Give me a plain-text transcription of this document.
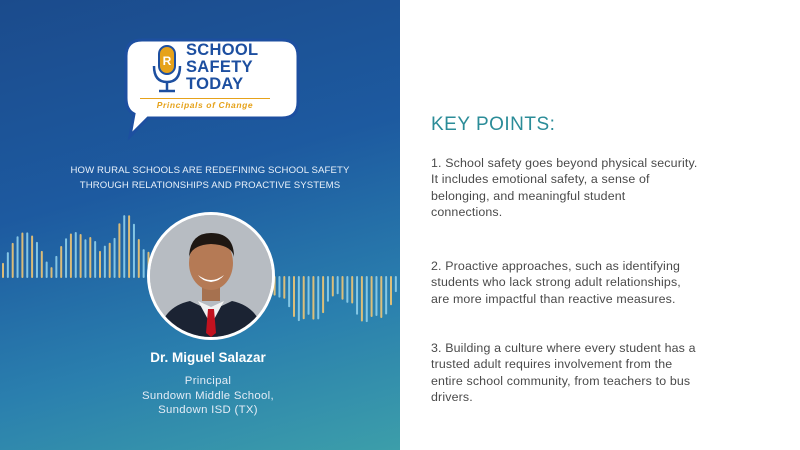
R
SCHOOL
SAFETY
TODAY
Principals of Change
HOW RURAL SCHOOLS ARE REDEFINING SCHOOL SAFETY
THROUGH RELATIONSHIPS AND PROACTIVE SYSTEMS
Dr. Miguel Salazar
Principal
Sundown Middle School,
Sundown ISD (TX)
KEY POINTS:
1. School safety goes beyond physical security.
It includes emotional safety, a sense of
belonging, and meaningful student
connections.
2. Proactive approaches, such as identifying
students who lack strong adult relationships,
are more impactful than reactive measures.
3. Building a culture where every student has a
trusted adult requires involvement from the
entire school community, from teachers to bus
drivers.
